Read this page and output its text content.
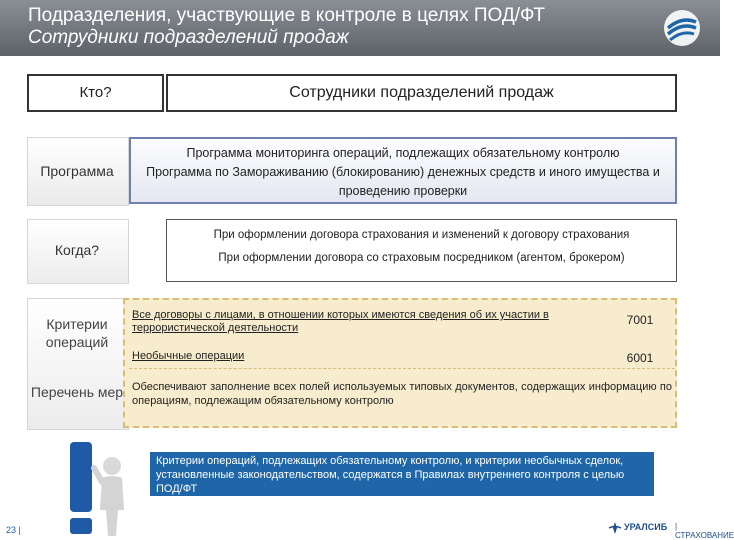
Подразделения, участвующие в контроле в целях ПОД/ФТ
Сотрудники подразделений продаж
Кто?	Сотрудники подразделений продаж
Программа
Программа мониторинга операций, подлежащих обязательному контролю
Программа по Замораживанию (блокированию) денежных средств и иного имущества и проведению проверки
Когда?
При оформлении договора страхования и изменений к договору страхования
При оформлении договора со страховым посредником (агентом, брокером)
Критерии операций
Перечень мер
Все договоры с лицами, в отношении которых имеются сведения об их участии в террористической деятельности
7001
Необычные операции	6001
Обеспечивают заполнение всех полей используемых типовых документов, содержащих информацию по операциям, подлежащим обязательному контролю
Критерии операций, подлежащих обязательному контролю, и критерии необычных сделок, установленные законодательством, содержатся в Правилах внутреннего контроля с целью ПОД/ФТ
23 |	УРАЛСИБ | СТРАХОВАНИЕ
